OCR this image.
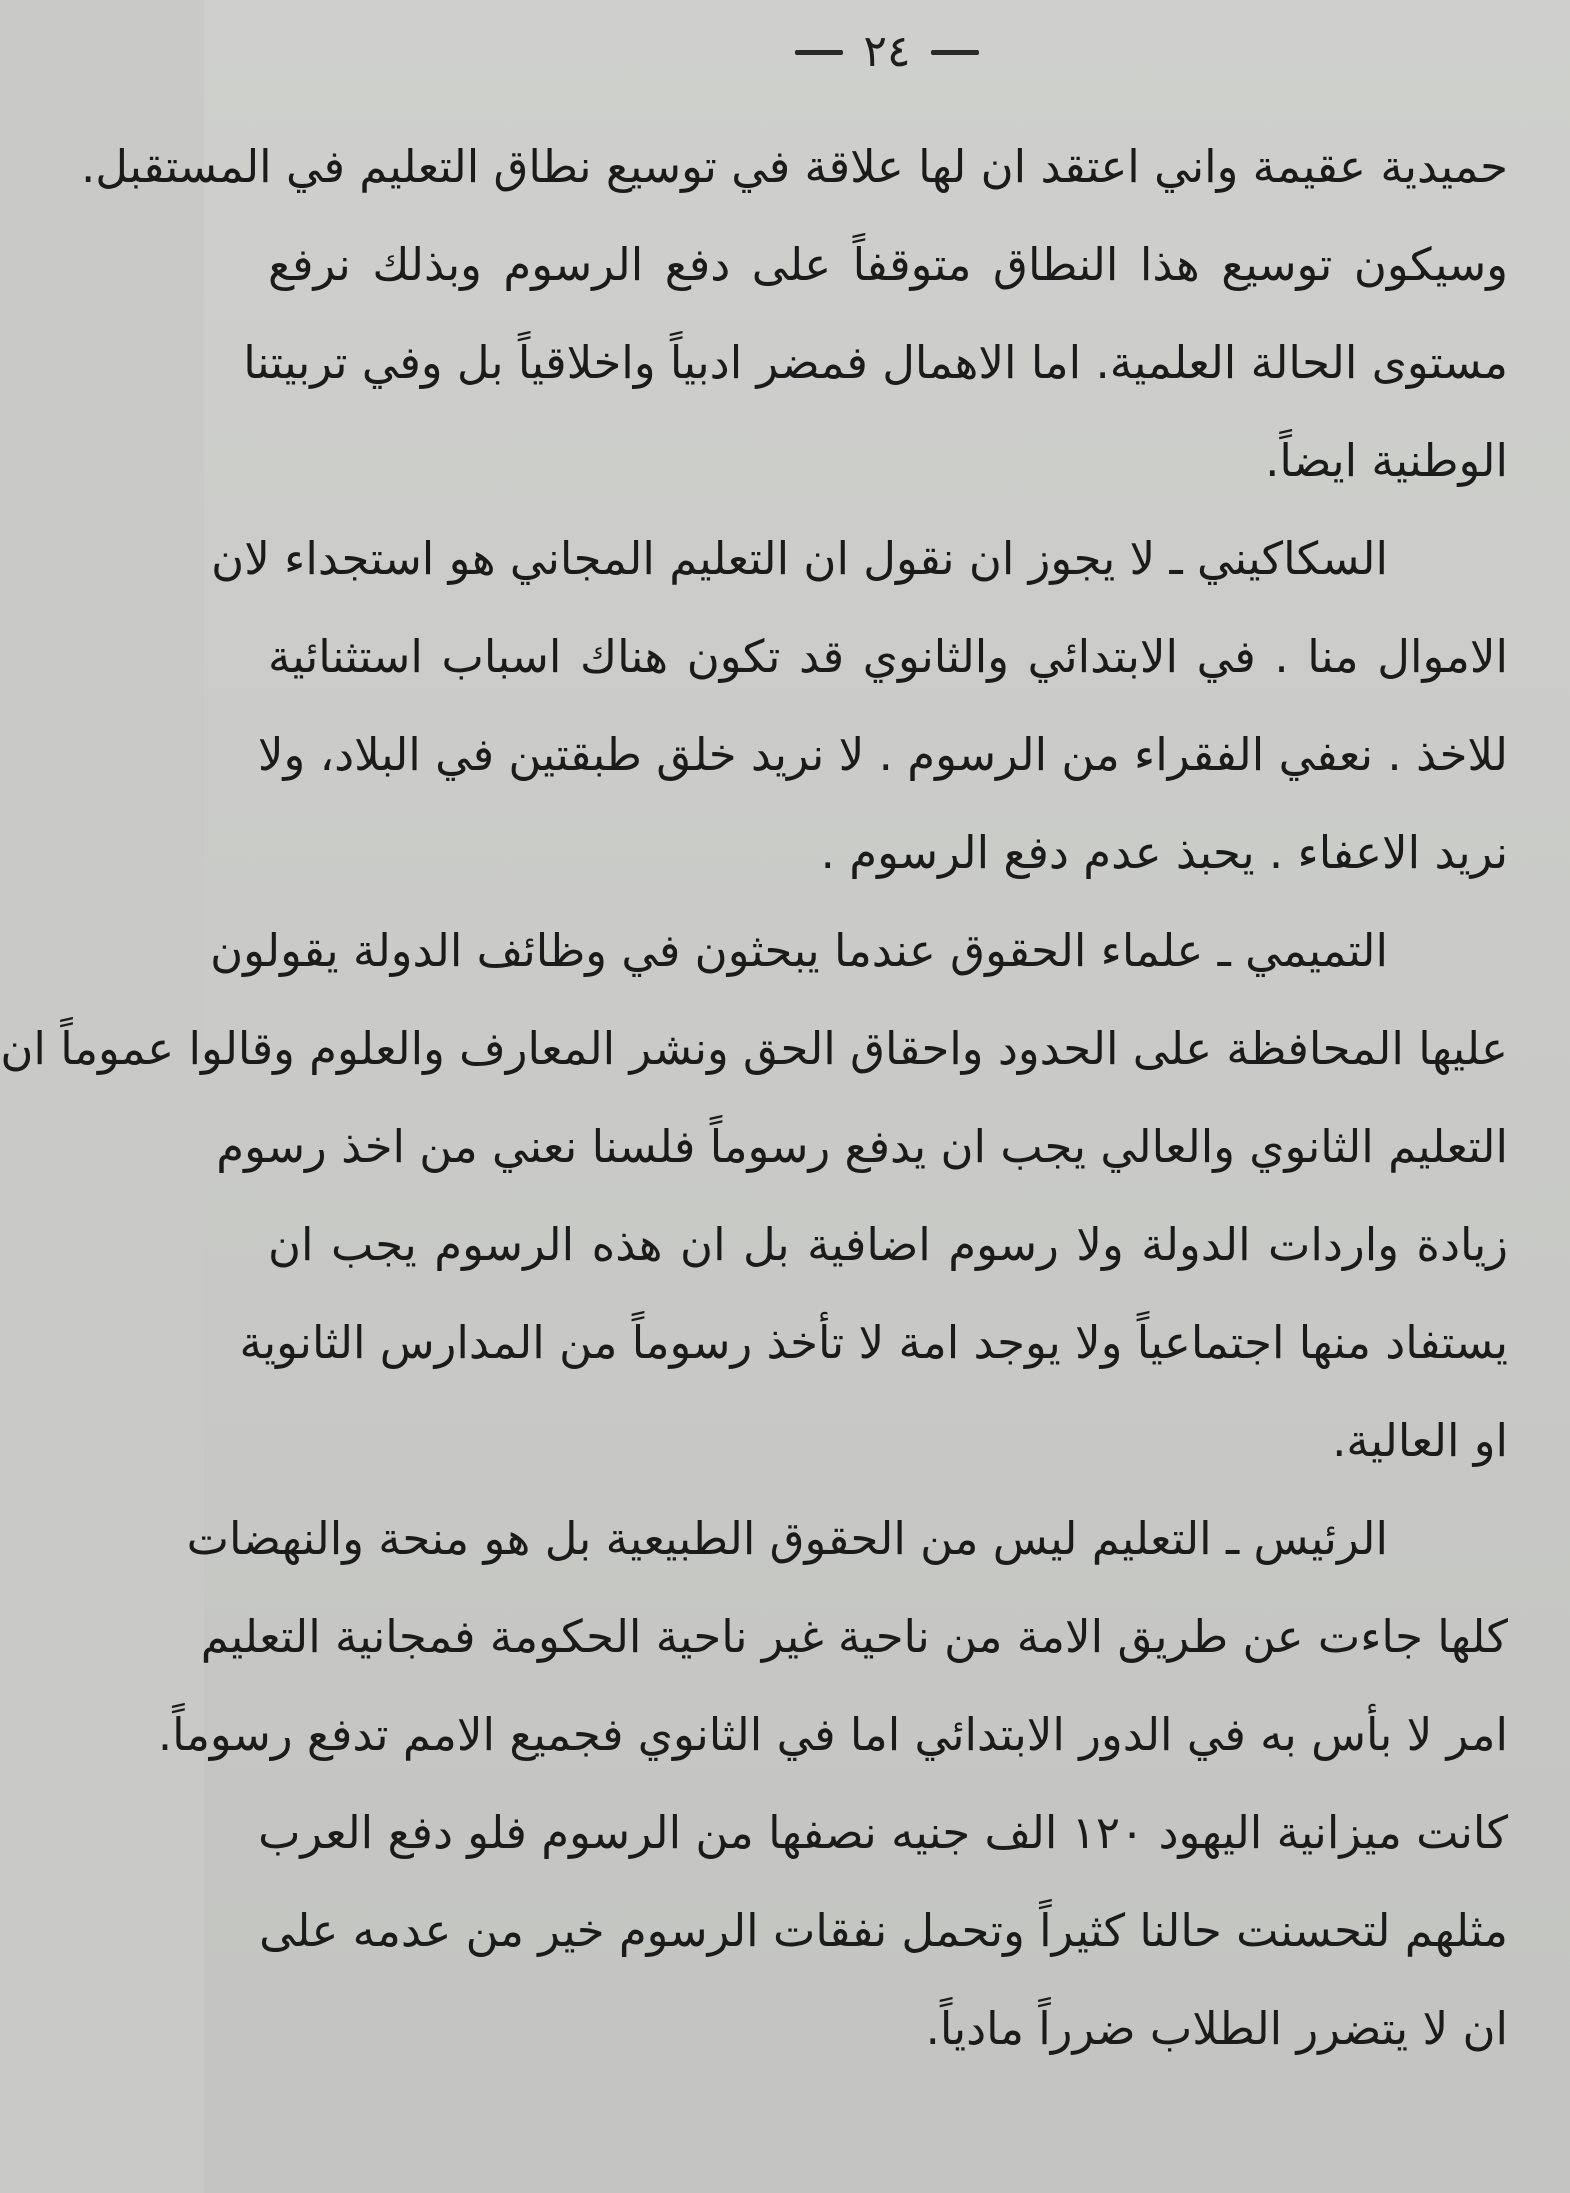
٢٤
حميدية عقيمة واني اعتقد ان لها علاقة في توسيع نطاق التعليم في المستقبل.
وسيكون توسيع هذا النطاق متوقفاً على دفع الرسوم وبذلك نرفع
مستوى الحالة العلمية. اما الاهمال فمضر ادبياً واخلاقياً بل وفي تربيتنا
الوطنية ايضاً.
السكاكيني ـ لا يجوز ان نقول ان التعليم المجاني هو استجداء لان
الاموال منا . في الابتدائي والثانوي قد تكون هناك اسباب استثنائية
للاخذ . نعفي الفقراء من الرسوم . لا نريد خلق طبقتين في البلاد، ولا
نريد الاعفاء . يحبذ عدم دفع الرسوم .
التميمي ـ علماء الحقوق عندما يبحثون في وظائف الدولة يقولون
عليها المحافظة على الحدود واحقاق الحق ونشر المعارف والعلوم وقالوا عموماً ان
التعليم الثانوي والعالي يجب ان يدفع رسوماً فلسنا نعني من اخذ رسوم
زيادة واردات الدولة ولا رسوم اضافية بل ان هذه الرسوم يجب ان
يستفاد منها اجتماعياً ولا يوجد امة لا تأخذ رسوماً من المدارس الثانوية
او العالية.
الرئيس ـ التعليم ليس من الحقوق الطبيعية بل هو منحة والنهضات
كلها جاءت عن طريق الامة من ناحية غير ناحية الحكومة فمجانية التعليم
امر لا بأس به في الدور الابتدائي اما في الثانوي فجميع الامم تدفع رسوماً.
كانت ميزانية اليهود ١٢٠ الف جنيه نصفها من الرسوم فلو دفع العرب
مثلهم لتحسنت حالنا كثيراً وتحمل نفقات الرسوم خير من عدمه على
ان لا يتضرر الطلاب ضرراً مادياً.
